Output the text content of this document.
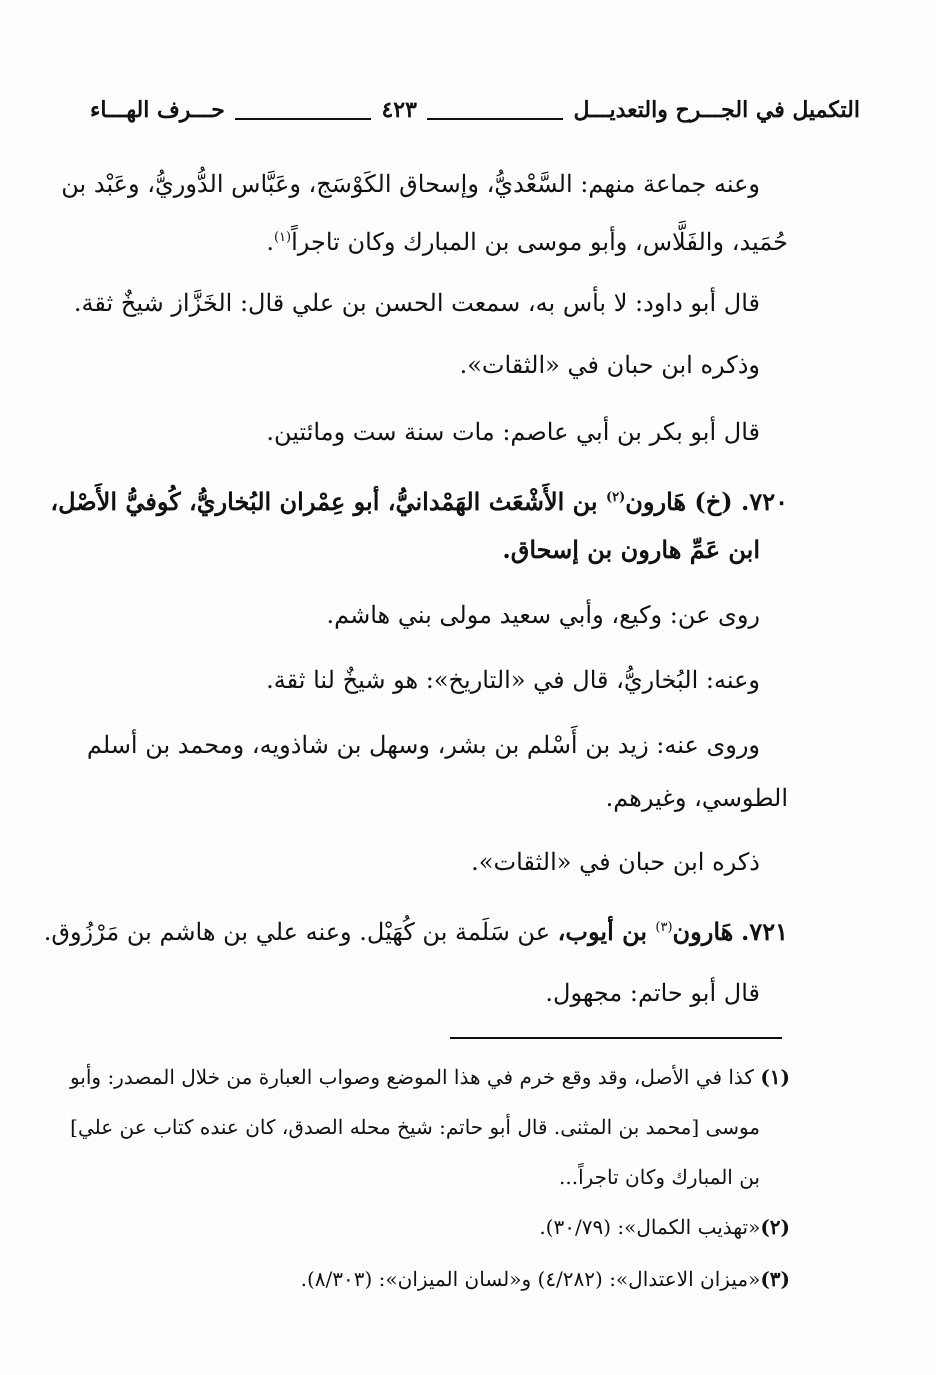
التكميل في الجـــرح والتعديـــل
٤٢٣
حـــرف الهـــاء
وعنه جماعة منهم: السَّعْديُّ، وإسحاق الكَوْسَج، وعَبَّاس الدُّوريُّ، وعَبْد بن
حُمَيد، والفَلَّاس، وأبو موسى بن المبارك وكان تاجراً$^{(١)}$.
قال أبو داود: لا بأس به، سمعت الحسن بن علي قال: الخَزَّاز شيخٌ ثقة.
وذكره ابن حبان في «الثقات».
قال أبو بكر بن أبي عاصم: مات سنة ست ومائتين.
٧٢٠. (خ) هَارون$^{(٢)}$ بن الأَشْعَث الهَمْدانيُّ، أبو عِمْران البُخاريُّ، كُوفيُّ الأَصْل،
ابن عَمِّ هارون بن إسحاق.
روى عن: وكيع، وأبي سعيد مولى بني هاشم.
وعنه: البُخاريُّ، قال في «التاريخ»: هو شيخٌ لنا ثقة.
وروى عنه: زيد بن أَسْلم بن بشر، وسهل بن شاذويه، ومحمد بن أسلم
الطوسي، وغيرهم.
ذكره ابن حبان في «الثقات».
٧٢١. هَارون$^{(٣)}$ بن أيوب، عن سَلَمة بن كُهَيْل. وعنه علي بن هاشم بن مَرْزُوق.
قال أبو حاتم: مجهول.
(١) كذا في الأصل، وقد وقع خرم في هذا الموضع وصواب العبارة من خلال المصدر: وأبو
موسى [محمد بن المثنى. قال أبو حاتم: شيخ محله الصدق، كان عنده كتاب عن علي]
بن المبارك وكان تاجراً...
(٢)«تهذيب الكمال»: (٣٠/٧٩).
(٣)«ميزان الاعتدال»: (٤/٢٨٢) و«لسان الميزان»: (٨/٣٠٣).
